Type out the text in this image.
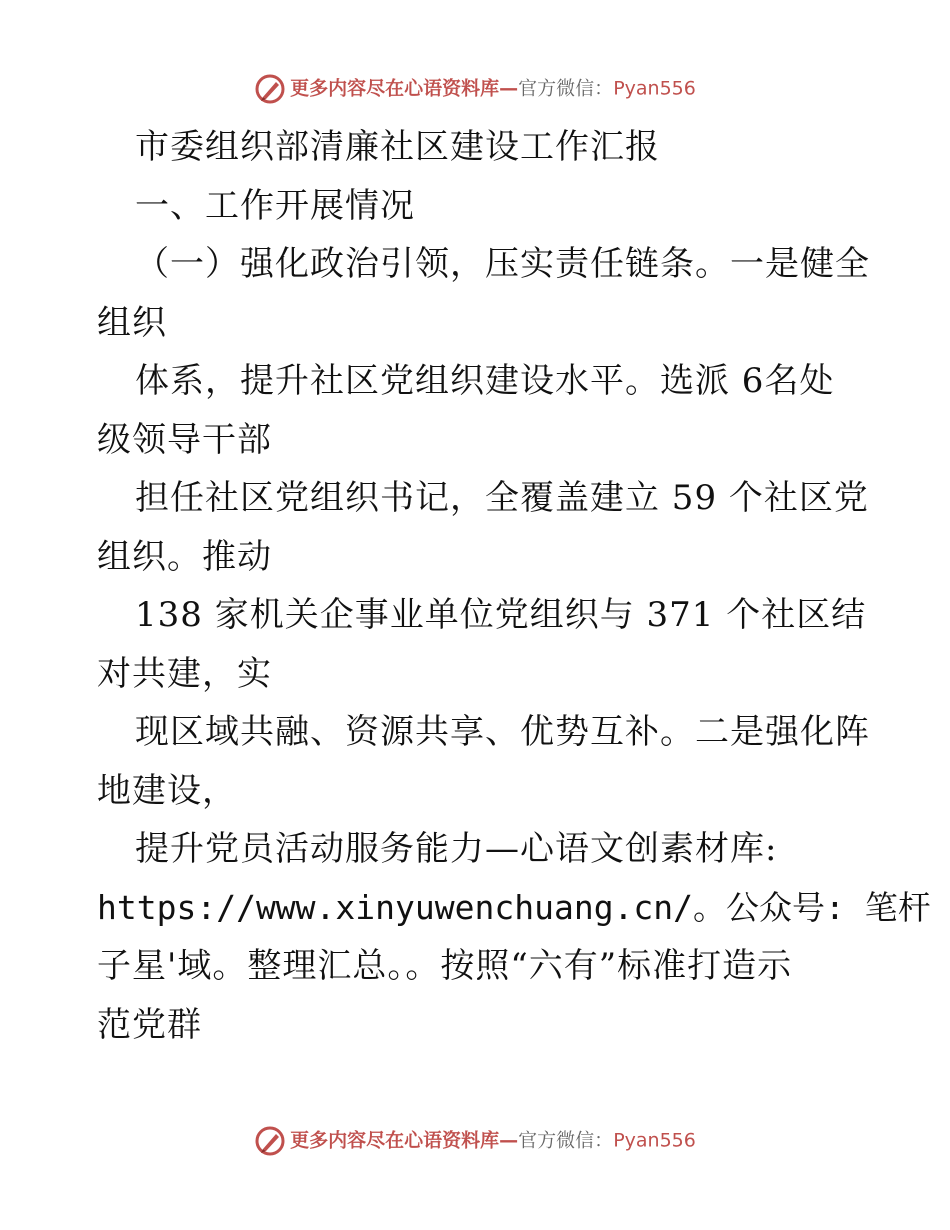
更多内容尽在心语资料库—官方微信：Pyan556
市委组织部清廉社区建设工作汇报
一、工作开展情况
（一）强化政治引领，压实责任链条。一是健全
组织
体系，提升社区党组织建设水平。选派 6名处
级领导干部
担任社区党组织书记，全覆盖建立 59 个社区党
组织。推动
138 家机关企事业单位党组织与 371 个社区结
对共建，实
现区域共融、资源共享、优势互补。二是强化阵
地建设，
提升党员活动服务能力—心语文创素材库:
https://www.xinyuwenchuang.cn/。公众号: 笔杆
子星'域。整理汇总。。按照“六有”标准打造示
范党群
更多内容尽在心语资料库—官方微信：Pyan556
